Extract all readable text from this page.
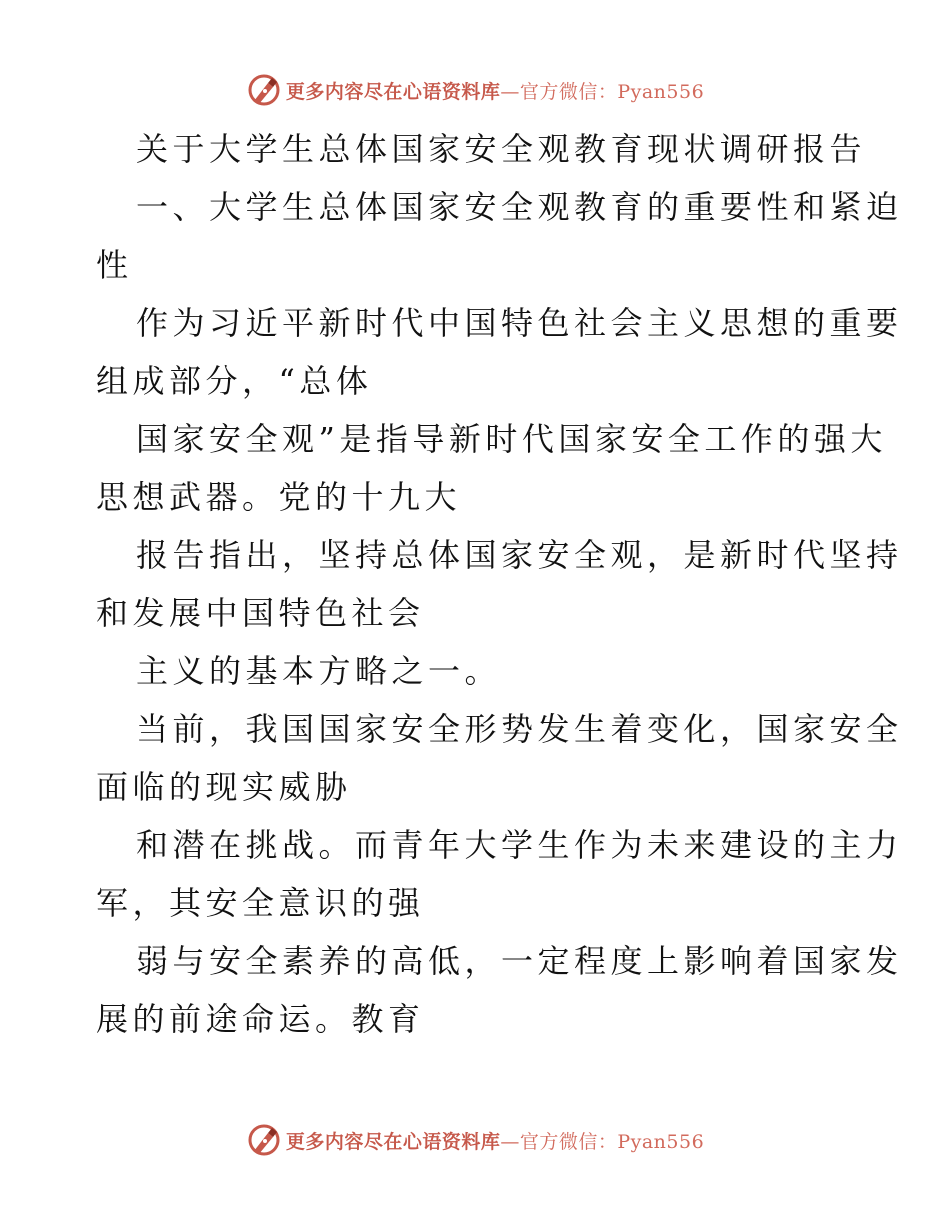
更多内容尽在心语资料库—官方微信：Pyan556
关于大学生总体国家安全观教育现状调研报告
一、大学生总体国家安全观教育的重要性和紧迫
性
作为习近平新时代中国特色社会主义思想的重要
组成部分，“总体
国家安全观”是指导新时代国家安全工作的强大
思想武器。党的十九大
报告指出，坚持总体国家安全观，是新时代坚持
和发展中国特色社会
主义的基本方略之一。
当前，我国国家安全形势发生着变化，国家安全
面临的现实威胁
和潜在挑战。而青年大学生作为未来建设的主力
军，其安全意识的强
弱与安全素养的高低，一定程度上影响着国家发
展的前途命运。教育
更多内容尽在心语资料库—官方微信：Pyan556
